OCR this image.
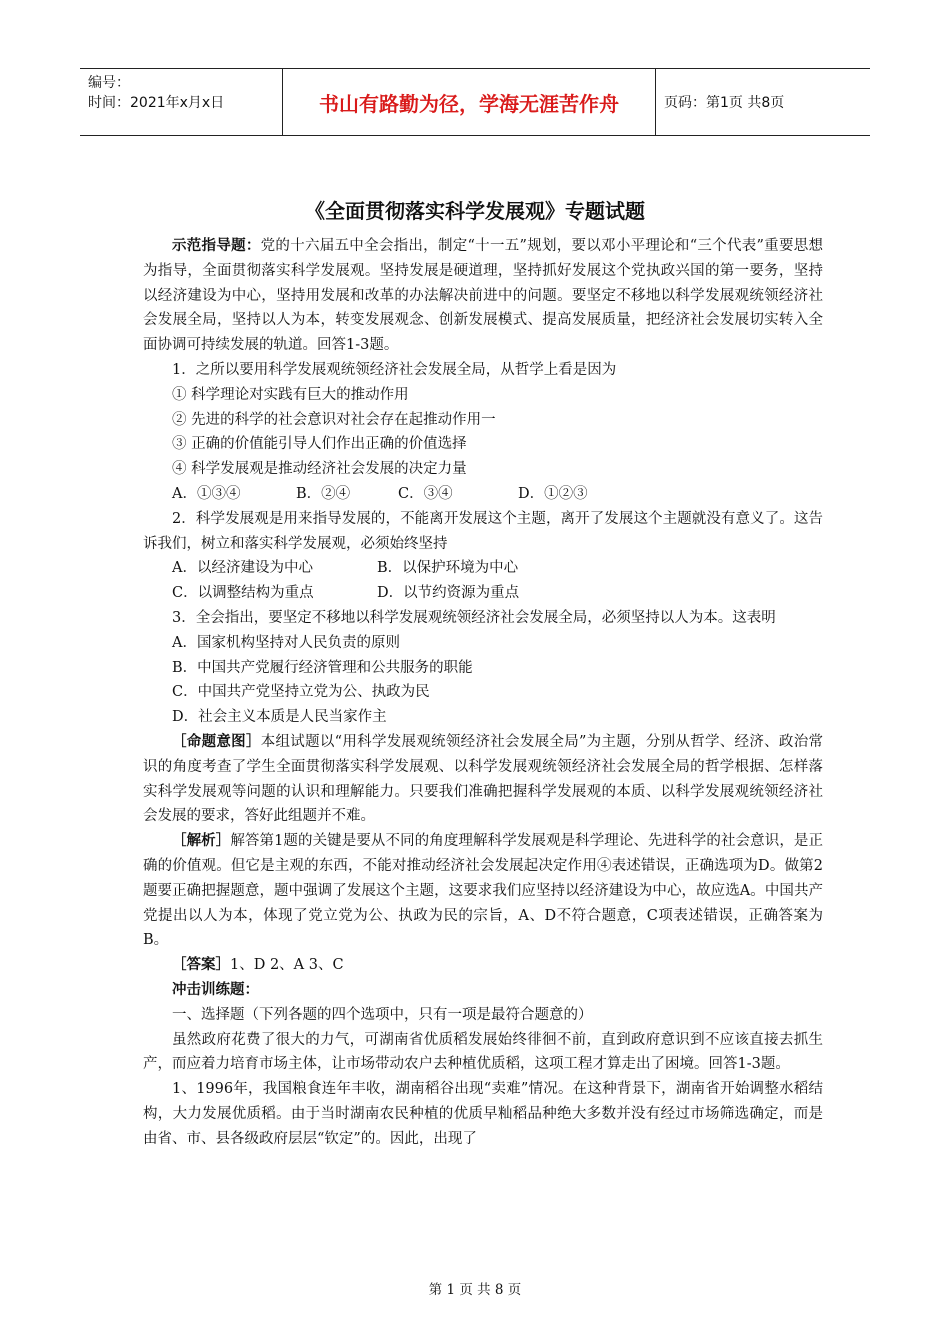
编号：
时间：2021年x月x日	书山有路勤为径，学海无涯苦作舟	页码：第1页 共8页
《全面贯彻落实科学发展观》专题试题

示范指导题：党的十六届五中全会指出，制定“十一五”规划，要以邓小平理论和“三个代表”重要思想为指导，全面贯彻落实科学发展观。坚持发展是硬道理，坚持抓好发展这个党执政兴国的第一要务，坚持以经济建设为中心，坚持用发展和改革的办法解决前进中的问题。要坚定不移地以科学发展观统领经济社会发展全局，坚持以人为本，转变发展观念、创新发展模式、提高发展质量，把经济社会发展切实转入全面协调可持续发展的轨道。回答1-3题。

1．之所以要用科学发展观统领经济社会发展全局，从哲学上看是因为

① 科学理论对实践有巨大的推动作用

② 先进的科学的社会意识对社会存在起推动作用一

③ 正确的价值能引导人们作出正确的价值选择

④ 科学发展观是推动经济社会发展的决定力量

A．①③④	B．②④	C．③④	D．①②③

2．科学发展观是用来指导发展的，不能离开发展这个主题，离开了发展这个主题就没有意义了。这告诉我们，树立和落实科学发展观，必须始终坚持

A．以经济建设为中心	B．以保护环境为中心
C．以调整结构为重点	D．以节约资源为重点

3．全会指出，要坚定不移地以科学发展观统领经济社会发展全局，必须坚持以人为本。这表明

A．国家机构坚持对人民负责的原则

B．中国共产党履行经济管理和公共服务的职能

C．中国共产党坚持立党为公、执政为民

D．社会主义本质是人民当家作主

［命题意图］本组试题以“用科学发展观统领经济社会发展全局”为主题，分别从哲学、经济、政治常识的角度考查了学生全面贯彻落实科学发展观、以科学发展观统领经济社会发展全局的哲学根据、怎样落实科学发展观等问题的认识和理解能力。只要我们准确把握科学发展观的本质、以科学发展观统领经济社会发展的要求，答好此组题并不难。

［解析］解答第1题的关键是要从不同的角度理解科学发展观是科学理论、先进科学的社会意识，是正确的价值观。但它是主观的东西，不能对推动经济社会发展起决定作用④表述错误，正确选项为D。做第2题要正确把握题意，题中强调了发展这个主题，这要求我们应坚持以经济建设为中心，故应选A。中国共产党提出以人为本，体现了党立党为公、执政为民的宗旨，A、D不符合题意，C项表述错误，正确答案为B。

［答案］1、D 2、A 3、C

冲击训练题：

一、选择题（下列各题的四个选项中，只有一项是最符合题意的）

虽然政府花费了很大的力气，可湖南省优质稻发展始终徘徊不前，直到政府意识到不应该直接去抓生产，而应着力培育市场主体，让市场带动农户去种植优质稻，这项工程才算走出了困境。回答1-3题。

1、1996年，我国粮食连年丰收，湖南稻谷出现“卖难”情况。在这种背景下，湖南省开始调整水稻结构，大力发展优质稻。由于当时湖南农民种植的优质早籼稻品种绝大多数并没有经过市场筛选确定，而是由省、市、县各级政府层层“钦定”的。因此，出现了

第 1 页 共 8 页
